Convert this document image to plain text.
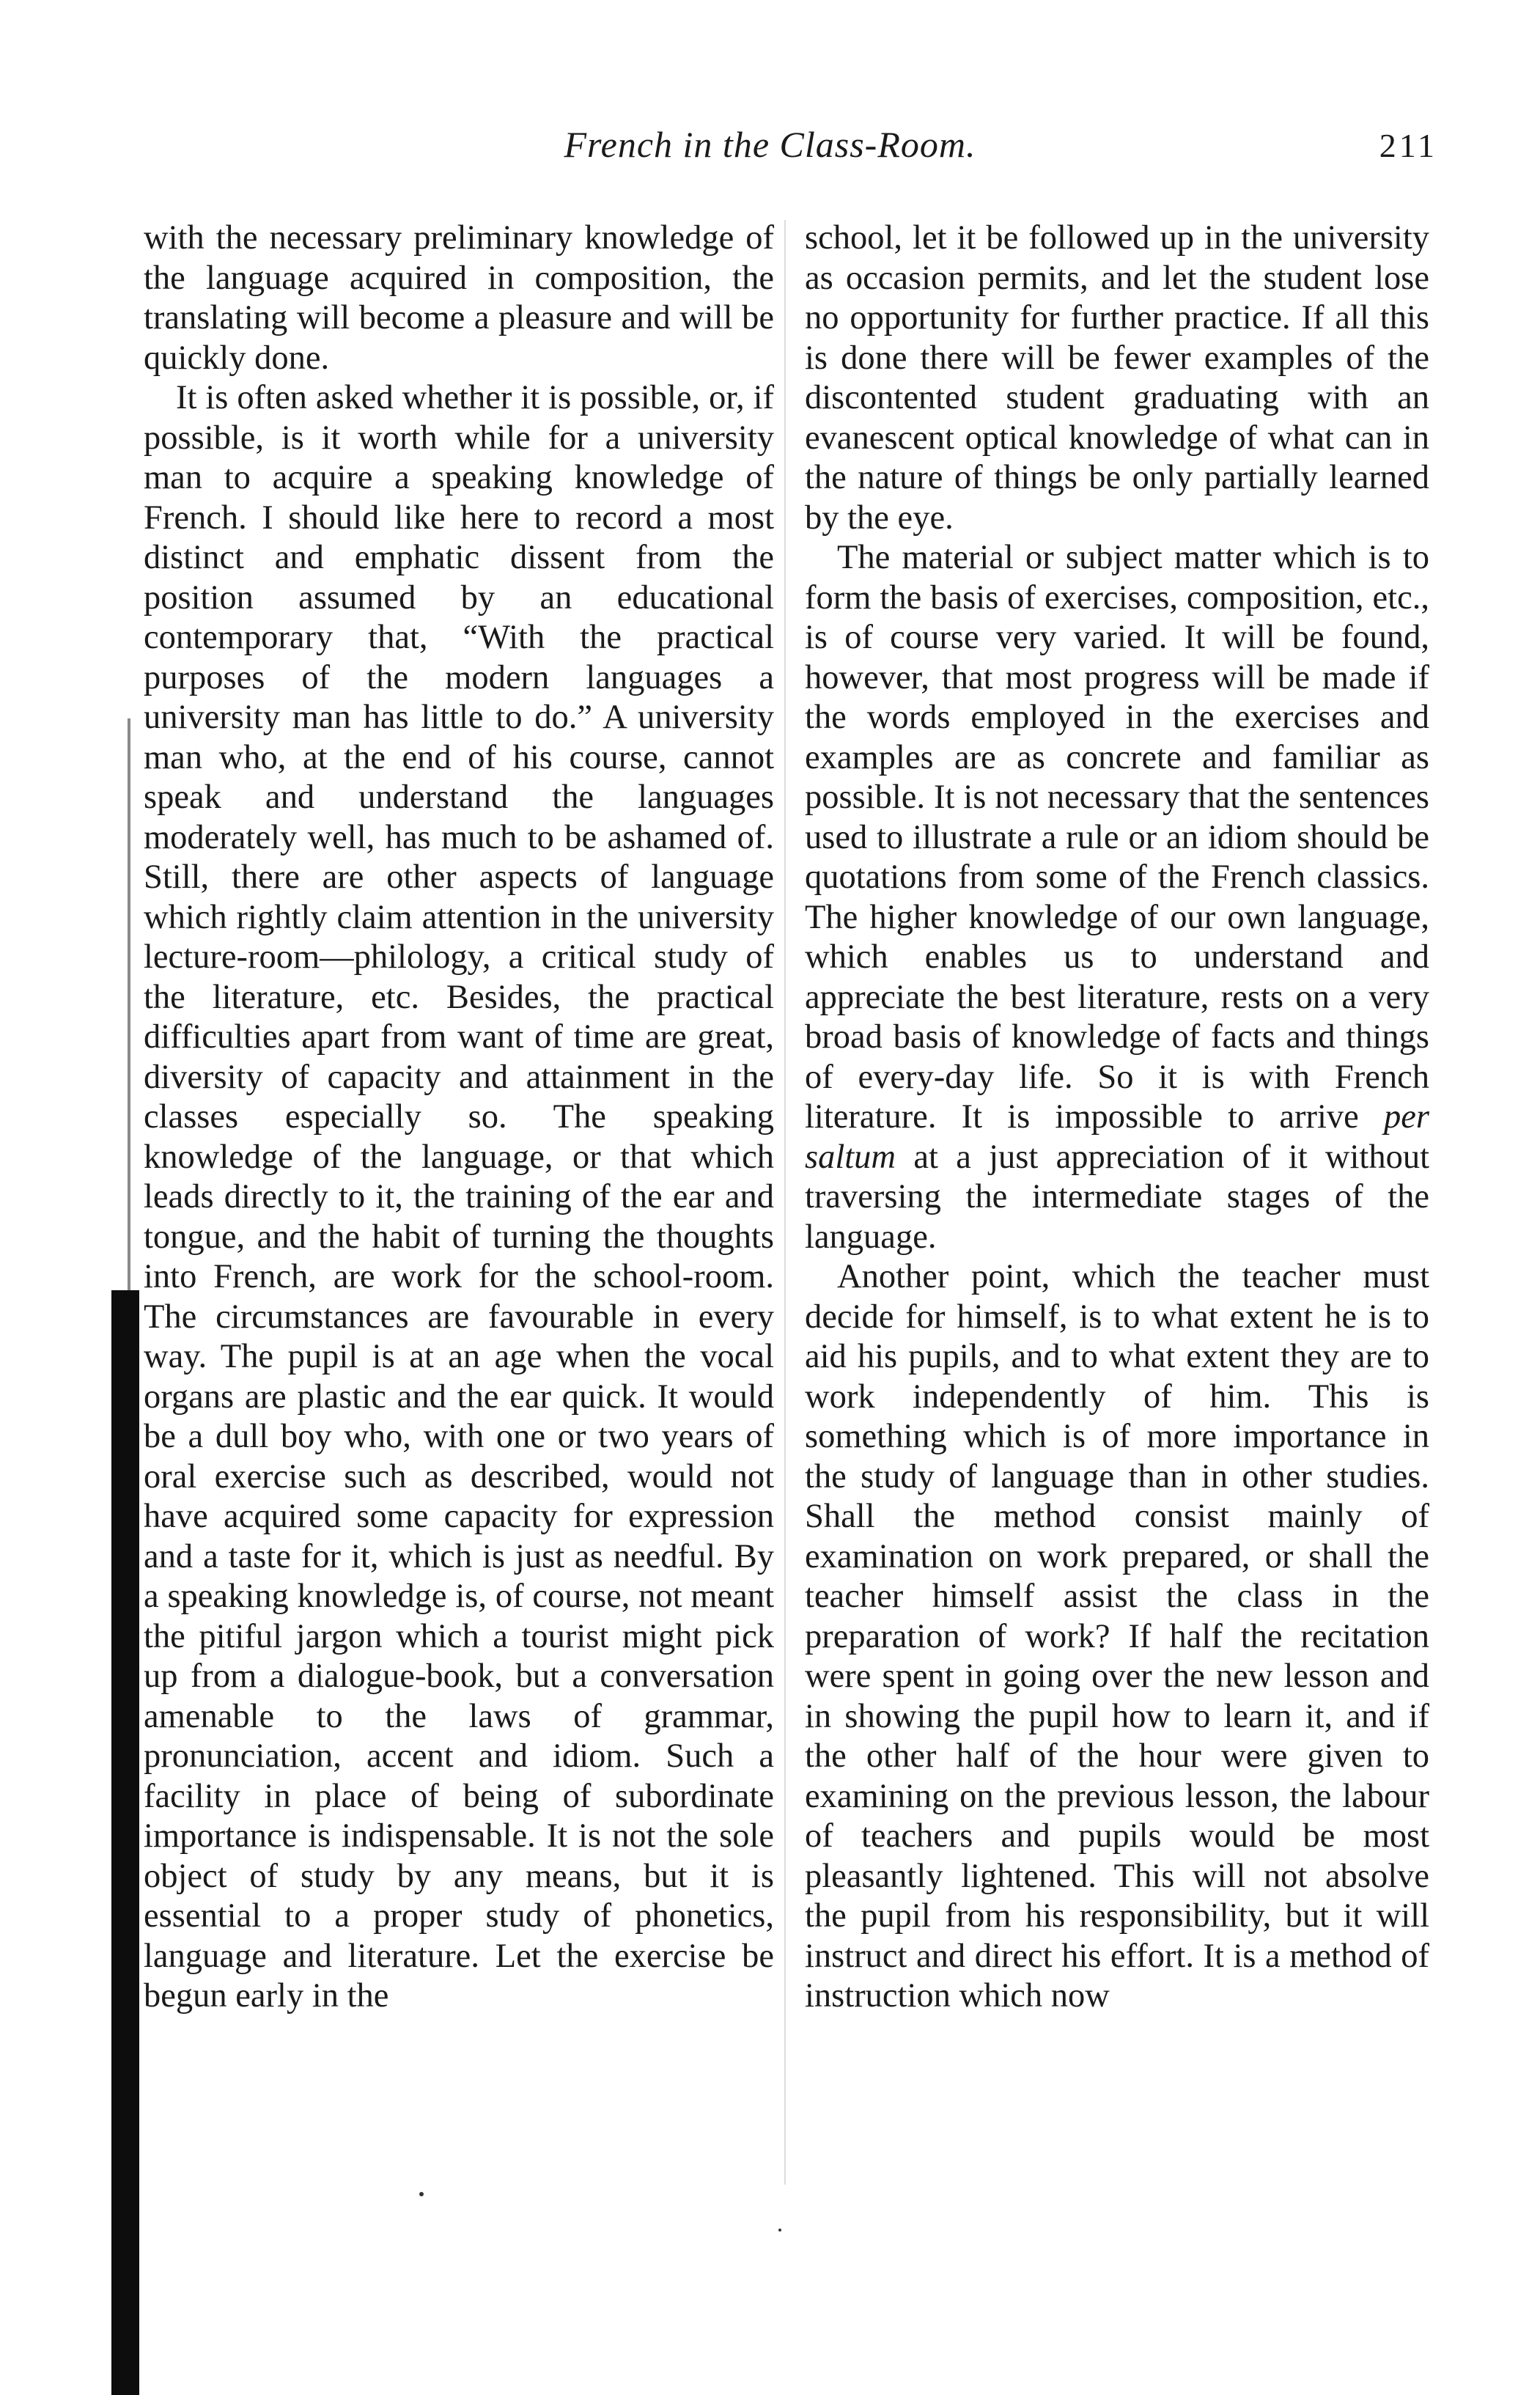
French in the Class-Room.	211

with the necessary preliminary knowledge of the language acquired in composition, the translating will become a pleasure and will be quickly done.

It is often asked whether it is possible, or, if possible, is it worth while for a university man to acquire a speaking knowledge of French. I should like here to record a most distinct and emphatic dissent from the position assumed by an educational contemporary that, “With the practical purposes of the modern languages a university man has little to do.” A university man who, at the end of his course, cannot speak and understand the languages moderately well, has much to be ashamed of. Still, there are other aspects of language which rightly claim attention in the university lecture-room—philology, a critical study of the literature, etc. Besides, the practical difficulties apart from want of time are great, diversity of capacity and attainment in the classes especially so. The speaking knowledge of the language, or that which leads directly to it, the training of the ear and tongue, and the habit of turning the thoughts into French, are work for the school-room. The circumstances are favourable in every way. The pupil is at an age when the vocal organs are plastic and the ear quick. It would be a dull boy who, with one or two years of oral exercise such as described, would not have acquired some capacity for expression and a taste for it, which is just as needful. By a speaking knowledge is, of course, not meant the pitiful jargon which a tourist might pick up from a dialogue-book, but a conversation amenable to the laws of grammar, pronunciation, accent and idiom. Such a facility in place of being of subordinate importance is indispensable. It is not the sole object of study by any means, but it is essential to a proper study of phonetics, language and literature. Let the exercise be begun early in the

school, let it be followed up in the university as occasion permits, and let the student lose no opportunity for further practice. If all this is done there will be fewer examples of the discontented student graduating with an evanescent optical knowledge of what can in the nature of things be only partially learned by the eye.

The material or subject matter which is to form the basis of exercises, composition, etc., is of course very varied. It will be found, however, that most progress will be made if the words employed in the exercises and examples are as concrete and familiar as possible. It is not necessary that the sentences used to illustrate a rule or an idiom should be quotations from some of the French classics. The higher knowledge of our own language, which enables us to understand and appreciate the best literature, rests on a very broad basis of knowledge of facts and things of every-day life. So it is with French literature. It is impossible to arrive per saltum at a just appreciation of it without traversing the intermediate stages of the language.

Another point, which the teacher must decide for himself, is to what extent he is to aid his pupils, and to what extent they are to work independently of him. This is something which is of more importance in the study of language than in other studies. Shall the method consist mainly of examination on work prepared, or shall the teacher himself assist the class in the preparation of work? If half the recitation were spent in going over the new lesson and in showing the pupil how to learn it, and if the other half of the hour were given to examining on the previous lesson, the labour of teachers and pupils would be most pleasantly lightened. This will not absolve the pupil from his responsibility, but it will instruct and direct his effort. It is a method of instruction which now
